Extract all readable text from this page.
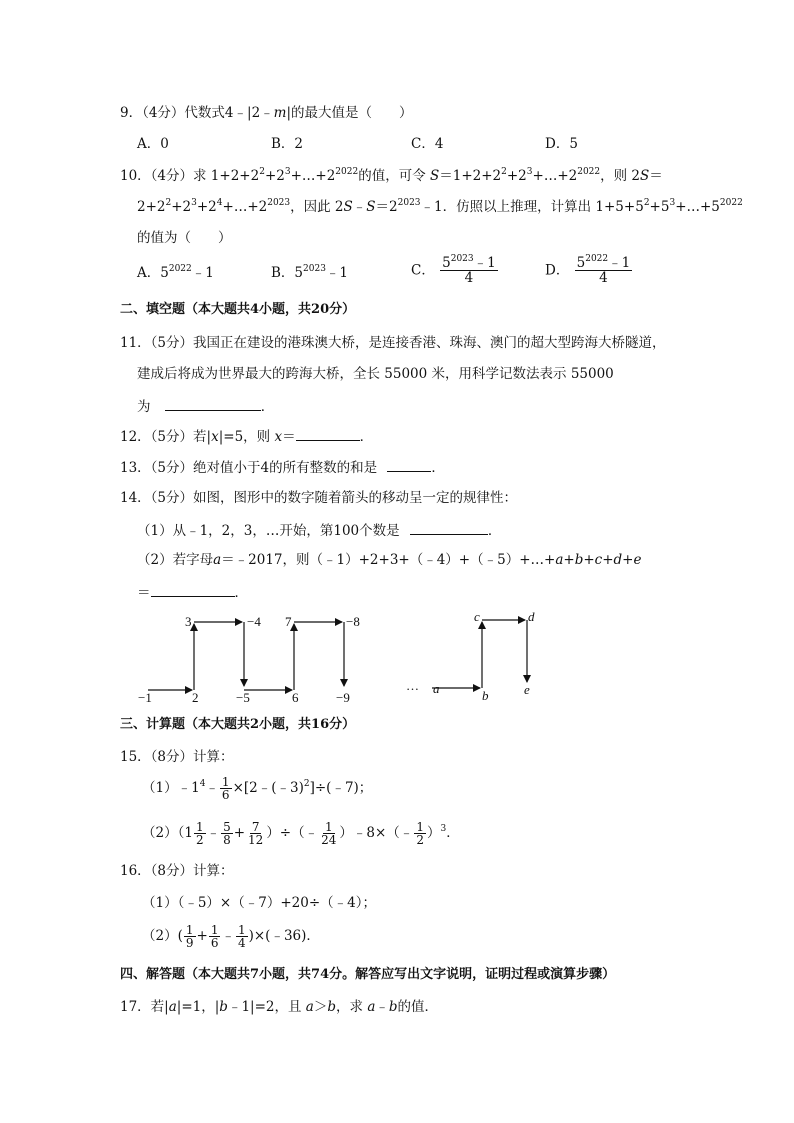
9．（4分）代数式4﹣|2﹣m|的最大值是（　　）
A．0	B．2	C．4	D．5
10．（4分）求 $1+2+2^2+2^3+\dots+2^{2022}$的值，可令 $S=1+2+2^2+2^3+\dots+2^{2022}$，则 2S＝
$2+2^2+2^3+2^4+\dots+2^{2023}$，因此 $2S﹣S=2^{2023}﹣1$．仿照以上推理，计算出 $1+5+5^2+5^3+\dots+5^{2022}$
的值为（　　）
A．$5^{2022}﹣1$	B．$5^{2023}﹣1$	C． $\frac{5^{2023}﹣1}{4}$	D． $\frac{5^{2022}﹣1}{4}$
二、填空题（本大题共4小题，共20分）
11．（5分）我国正在建设的港珠澳大桥，是连接香港、珠海、澳门的超大型跨海大桥隧道，
建成后将成为世界最大的跨海大桥，全长 55000 米，用科学记数法表示 55000
为	．
12．（5分）若|x|=5，则 x＝	．
13．（5分）绝对值小于4的所有整数的和是	．
14．（5分）如图，图形中的数字随着箭头的移动呈一定的规律性：
（1）从﹣1，2，3，…开始，第100个数是	．
（2）若字母a＝﹣2017，则（﹣1）+2+3+（﹣4）+（﹣5）+…+a+b+c+d+e
＝	．
−1	2
3	−4
−5	6
7	−8
−9
… a	b
c	d
e
三、计算题（本大题共2小题，共16分）
15．（8分）计算：
$(1)﹣1^4﹣ \frac{1}{6}$ ×[2﹣(﹣3)$^2$]÷(﹣7)；
$(2)(1 \frac{1}{2}$ ﹣ $\frac{5}{8} + \frac{7}{12}$ ）÷（﹣ $\frac{1}{24}$ ）﹣8×（﹣ $\frac{1}{2} )^3$．
16．（8分）计算：
（1）（﹣5）×（﹣7）+20÷（﹣4）；
$(2)( \frac{1}{9} + \frac{1}{6}$ ﹣ $\frac{1}{4}$ )×(﹣36)．
四、解答题（本大题共7小题，共74分。解答应写出文字说明，证明过程或演算步骤）
17．若|a|=1，|b﹣1|=2，且 a＞b，求 a﹣b的值．
